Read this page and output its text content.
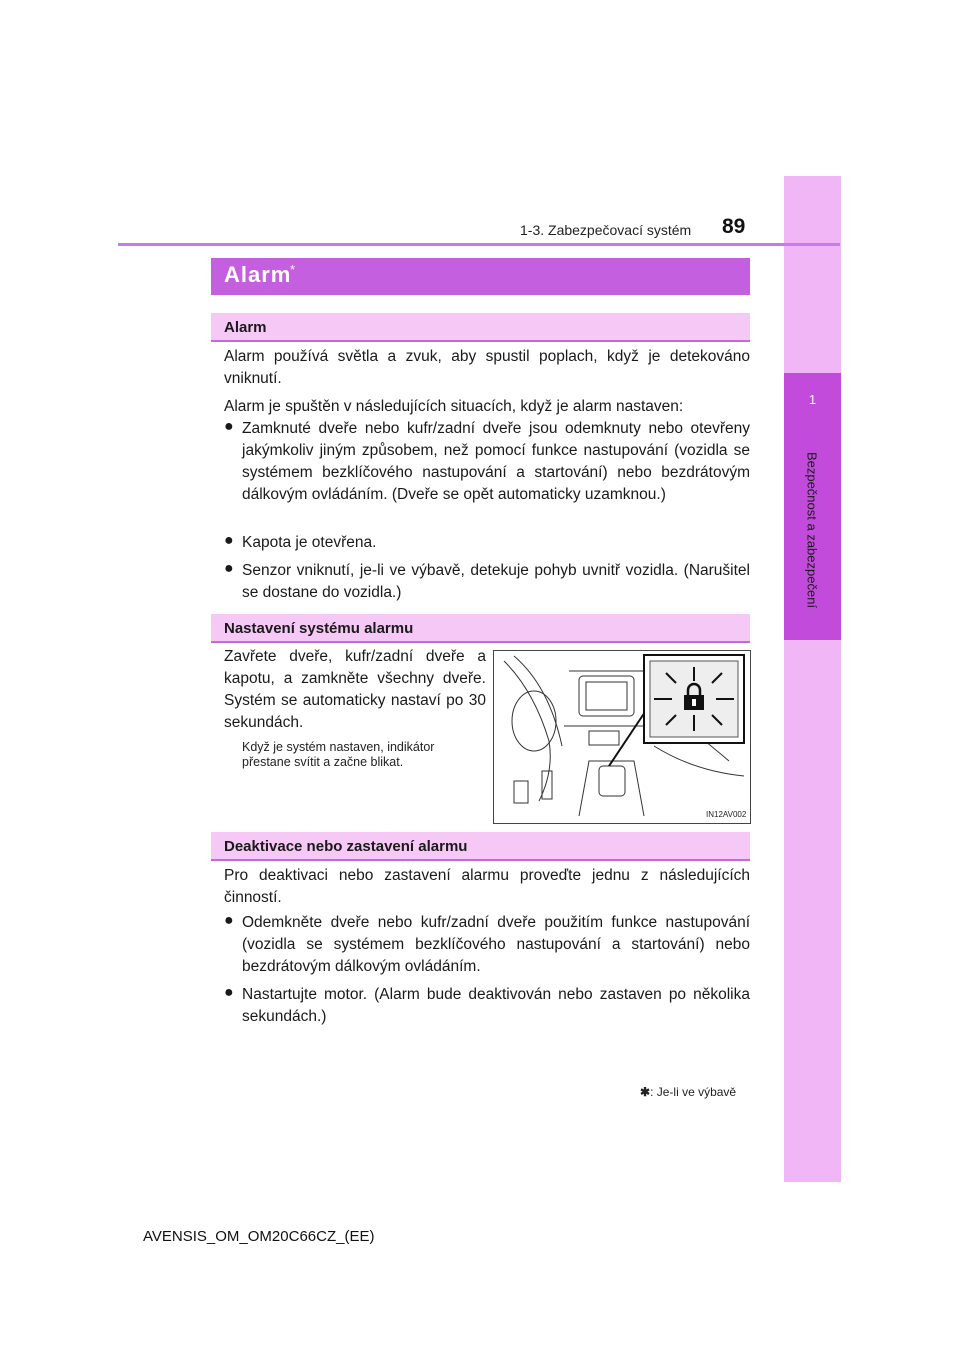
1
Bezpečnost a zabezpečení
1-3. Zabezpečovací systém 89
Alarm
*
Alarm
Alarm používá světla a zvuk, aby spustil poplach, když je detekováno vniknutí.
Alarm je spuštěn v následujících situacích, když je alarm nastaven:
● Zamknuté dveře nebo kufr/zadní dveře jsou odemknuty nebo otevřeny jakýmkoliv jiným způsobem, než pomocí funkce nastupování (vozidla se systémem bezklíčového nastupování a startování) nebo bezdrátovým dálkovým ovládáním. (Dveře se opět automaticky uzamknou.)
● Kapota je otevřena.
● Senzor vniknutí, je-li ve výbavě, detekuje pohyb uvnitř vozidla. (Narušitel se dostane do vozidla.)
Nastavení systému alarmu
Zavřete dveře, kufr/zadní dveře a kapotu, a zamkněte všechny dveře. Systém se automaticky nastaví po 30 sekundách.
Když je systém nastaven, indikátor přestane svítit a začne blikat.
IN12AV002
Deaktivace nebo zastavení alarmu
Pro deaktivaci nebo zastavení alarmu proveďte jednu z následujících činností.
● Odemkněte dveře nebo kufr/zadní dveře použitím funkce nastupování (vozidla se systémem bezklíčového nastupování a startování) nebo bezdrátovým dálkovým ovládáním.
● Nastartujte motor. (Alarm bude deaktivován nebo zastaven po několika sekundách.)
✱: Je-li ve výbavě
AVENSIS_OM_OM20C66CZ_(EE)
